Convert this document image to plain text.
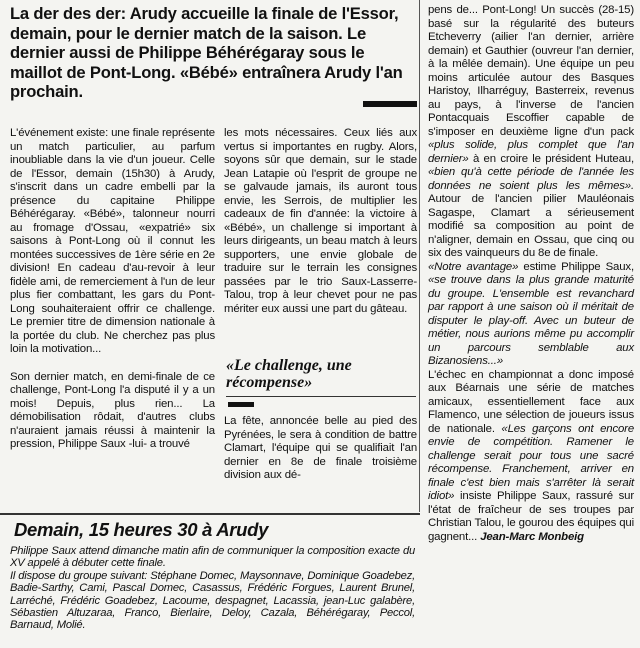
La der des der: Arudy accueille la finale de l'Essor, demain, pour le dernier match de la saison. Le dernier aussi de Philippe Béhérégaray sous le maillot de Pont-Long. «Bébé» entraînera Arudy l'an prochain.

L'événement existe: une finale représente un match particulier, au parfum inoubliable dans la vie d'un joueur. Celle de l'Essor, demain (15h30) à Arudy, s'inscrit dans un cadre embelli par la présence du capitaine Philippe Béhérégaray. «Bébé», talonneur nourri au fromage d'Ossau, «expatrié» six saisons à Pont-Long où il connut les montées successives de 1ère série en 2e division! En cadeau d'au-revoir à leur fidèle ami, de remerciement à l'un de leur plus fier combattant, les gars du Pont-Long souhaiteraient offrir ce challenge. Le premier titre de dimension nationale à la portée du club. Ne cherchez pas plus loin la motivation...

Son dernier match, en demi-finale de ce challenge, Pont-Long l'a disputé il y a un mois! Depuis, plus rien... La démobilisation rôdait, d'autres clubs n'auraient jamais réussi à maintenir la pression, Philippe Saux -lui- a trouvé

les mots nécessaires. Ceux liés aux vertus si importantes en rugby. Alors, soyons sûr que demain, sur le stade Jean Latapie où l'esprit de groupe ne se galvaude jamais, ils auront tous envie, les Serrois, de multiplier les cadeaux de fin d'année: la victoire à «Bébé», un challenge si important à leurs dirigeants, un beau match à leurs supporters, une envie globale de traduire sur le terrain les consignes passées par le trio Saux-Lasserre-Talou, trop à leur chevet pour ne pas mériter eux aussi une part du gâteau.

«Le challenge, une récompense»

La fête, annoncée belle au pied des Pyrénées, le sera à condition de battre Clamart, l'équipe qui se qualifiait l'an dernier en 8e de finale troisième division aux dé-

pens de... Pont-Long! Un succès (28-15) basé sur la régularité des buteurs Etcheverry (ailier l'an dernier, arrière demain) et Gauthier (ouvreur l'an dernier, à la mêlée demain). Une équipe un peu moins articulée autour des Basques Haristoy, Ilharréguy, Basterreix, revenus au pays, à l'inverse de l'ancien Pontacquais Escoffier capable de s'imposer en deuxième ligne d'un pack «plus solide, plus complet que l'an dernier» à en croire le président Huteau, «bien qu'à cette période de l'année les données ne soient plus les mêmes». Autour de l'ancien pilier Mauléonais Sagaspe, Clamart a sérieusement modifié sa composition au point de n'aligner, demain en Ossau, que cinq ou six des vainqueurs du 8e de finale.

«Notre avantage» estime Philippe Saux, «se trouve dans la plus grande maturité du groupe. L'ensemble est revanchard par rapport à une saison où il méritait de disputer le play-off. Avec un buteur de métier, nous aurions même pu accomplir un parcours semblable aux Bizanosiens...»

L'échec en championnat a donc imposé aux Béarnais une série de matches amicaux, essentiellement face aux Flamenco, une sélection de joueurs issus de nationale. «Les garçons ont encore envie de compétition. Ramener le challenge serait pour tous une sacré récompense. Franchement, arriver en finale c'est bien mais s'arrêter là serait idiot» insiste Philippe Saux, rassuré sur l'état de fraîcheur de ses troupes par Christian Talou, le gourou des équipes qui gagnent... Jean-Marc Monbeig

Demain, 15 heures 30 à Arudy

Philippe Saux attend dimanche matin afin de communiquer la composition exacte du XV appelé à débuter cette finale.

Il dispose du groupe suivant: Stéphane Domec, Maysonnave, Dominique Goadebez, Badie-Sarthy, Cami, Pascal Domec, Casassus, Frédéric Forgues, Laurent Brunel, Larréché, Frédéric Goadebez, Lacoume, despagnet, Lacassia, jean-Luc galabère, Sébastien Altuzaraa, Franco, Bierlaire, Deloy, Cazala, Béhérégaray, Peccol, Barnaud, Molié.
